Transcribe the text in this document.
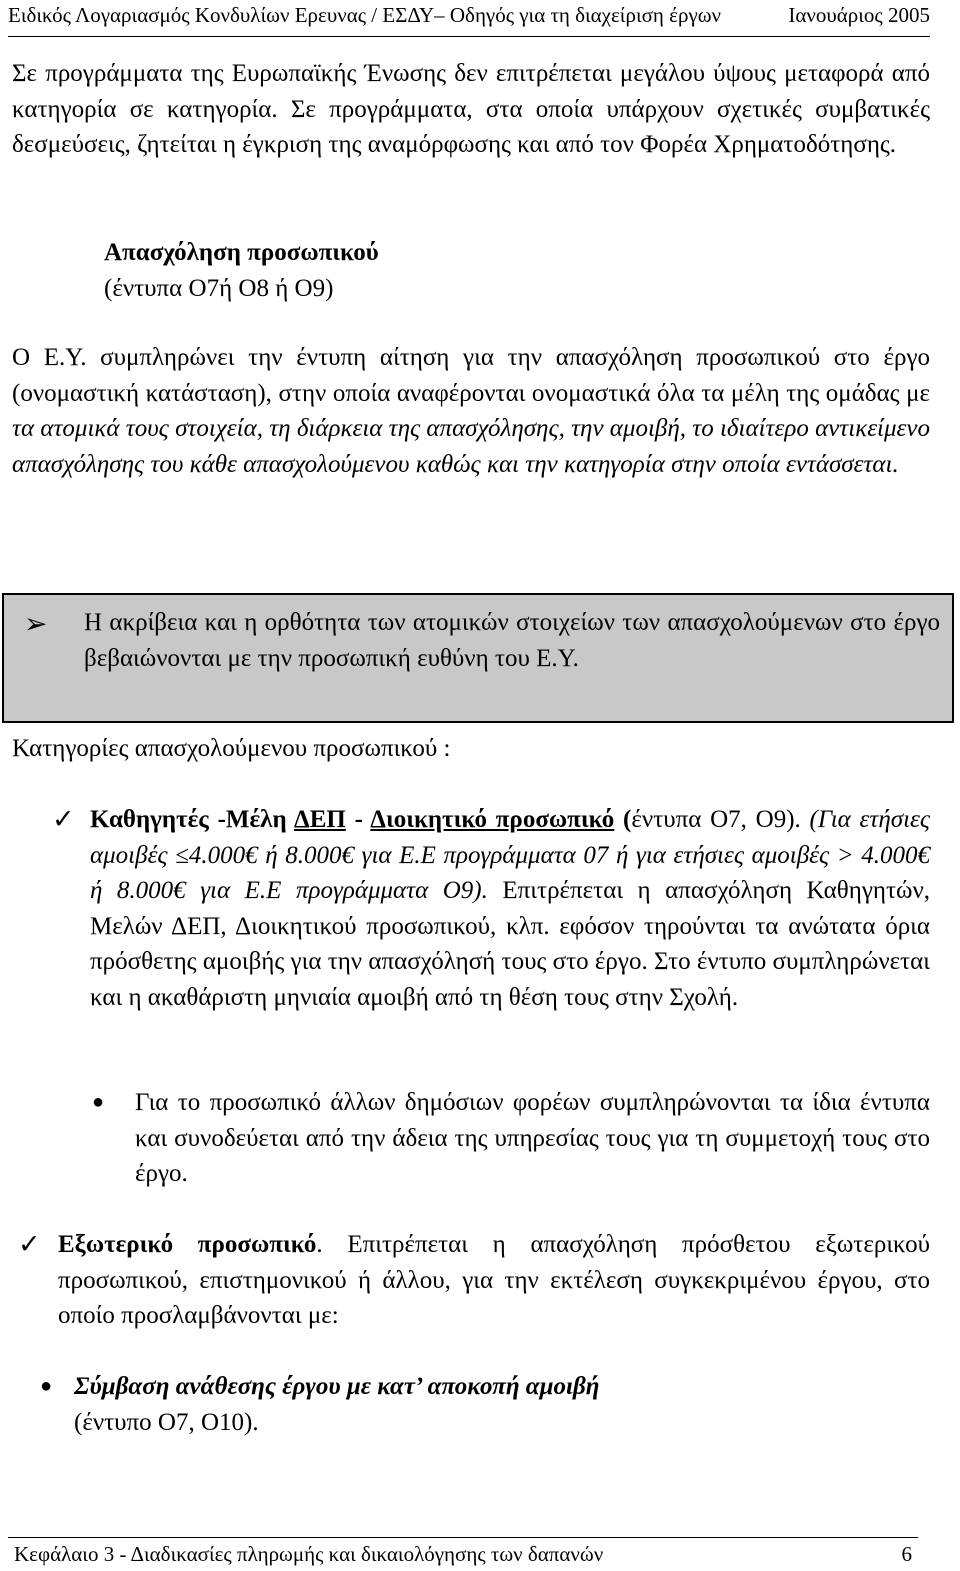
Ειδικός Λογαριασμός Κονδυλίων Ερευνας / ΕΣΔΥ– Οδηγός για τη διαχείριση έργων	Ιανουάριος 2005
Σε προγράμματα της Ευρωπαϊκής Ένωσης δεν επιτρέπεται μεγάλου ύψους μεταφορά από κατηγορία σε κατηγορία. Σε προγράμματα, στα οποία υπάρχουν σχετικές συμβατικές δεσμεύσεις, ζητείται η έγκριση της αναμόρφωσης και από τον Φορέα Χρηματοδότησης.
Απασχόληση προσωπικού
(έντυπα Ο7ή Ο8 ή Ο9)
Ο Ε.Υ. συμπληρώνει την έντυπη αίτηση για την απασχόληση προσωπικού στο έργο (ονομαστική κατάσταση), στην οποία αναφέρονται ονομαστικά όλα τα μέλη της ομάδας με τα ατομικά τους στοιχεία, τη διάρκεια της απασχόλησης, την αμοιβή, το ιδιαίτερο αντικείμενο απασχόλησης του κάθε απασχολούμενου καθώς και την κατηγορία στην οποία εντάσσεται.
➢ Η ακρίβεια και η ορθότητα των ατομικών στοιχείων των απασχολούμενων στο έργο βεβαιώνονται με την προσωπική ευθύνη του Ε.Υ.
Κατηγορίες απασχολούμενου προσωπικού :
✓ Καθηγητές -Μέλη ΔΕΠ - Διοικητικό προσωπικό (έντυπα Ο7, Ο9). (Για ετήσιες αμοιβές ≤4.000€ ή 8.000€ για Ε.Ε προγράμματα 07 ή για ετήσιες αμοιβές > 4.000€ ή 8.000€ για Ε.Ε προγράμματα Ο9). Επιτρέπεται η απασχόληση Καθηγητών, Μελών ΔΕΠ, Διοικητικού προσωπικού, κλπ. εφόσον τηρούνται τα ανώτατα όρια πρόσθετης αμοιβής για την απασχόλησή τους στο έργο. Στο έντυπο συμπληρώνεται και η ακαθάριστη μηνιαία αμοιβή από τη θέση τους στην Σχολή.
● Για το προσωπικό άλλων δημόσιων φορέων συμπληρώνονται τα ίδια έντυπα και συνοδεύεται από την άδεια της υπηρεσίας τους για τη συμμετοχή τους στο έργο.
✓ Εξωτερικό προσωπικό. Επιτρέπεται η απασχόληση πρόσθετου εξωτερικού προσωπικού, επιστημονικού ή άλλου, για την εκτέλεση συγκεκριμένου έργου, στο οποίο προσλαμβάνονται με:
● Σύμβαση ανάθεσης έργου με κατ’ αποκοπή αμοιβή
(έντυπο Ο7, Ο10).
Κεφάλαιο 3 - Διαδικασίες πληρωμής και δικαιολόγησης των δαπανών	6
